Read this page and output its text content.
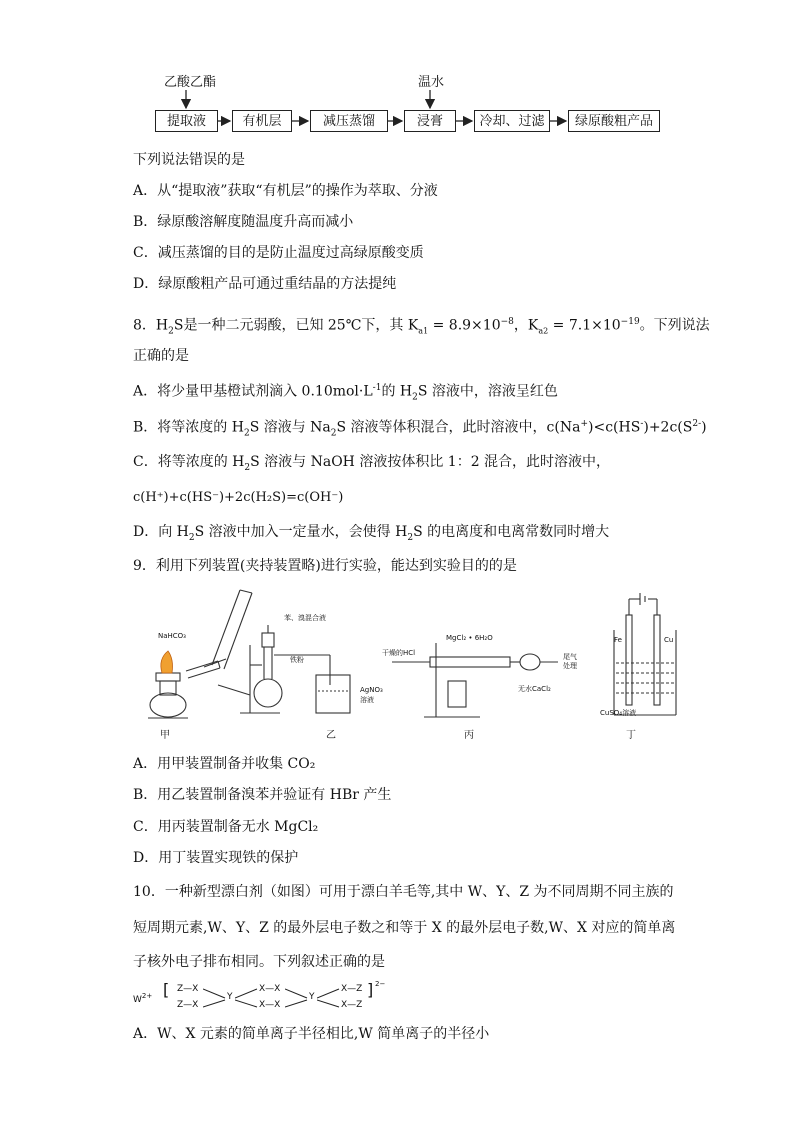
乙酸乙酯	温水
提取液	有机层	减压蒸馏	浸膏	冷却、过滤	绿原酸粗产品
下列说法错误的是
A．从“提取液”获取“有机层”的操作为萃取、分液
B．绿原酸溶解度随温度升高而减小
C．减压蒸馏的目的是防止温度过高绿原酸变质
D．绿原酸粗产品可通过重结晶的方法提纯
8．$H_2S$是一种二元弱酸，已知 25℃下，其 $K_{a1} = 8.9\times 10^{-8}$，$K_{a2} = 7.1\times 10^{-19}$。下列说法
正确的是
A．将少量甲基橙试剂滴入 $0.10mol\cdot L^{-1}$的 $H_2S$ 溶液中，溶液呈红色
B．将等浓度的 $H_2S$ 溶液与 $Na_2S$ 溶液等体积混合，此时溶液中，$c(Na^+)<c(HS^-)+2c(S^{2-})$
C．将等浓度的 $H_2S$ 溶液与 NaOH 溶液按体积比 1：2 混合，此时溶液中，
c(H⁺)+c(HS⁻)+2c(H₂S)=c(OH⁻)
D．向 $H_2S$ 溶液中加入一定量水，会使得 $H_2S$ 的电离度和电离常数同时增大
9．利用下列装置(夹持装置略)进行实验，能达到实验目的的是
NaHCO₃
苯、溴混合液
铁粉
AgNO₃
溶液
干燥的HCl
MgCl₂ • 6H₂O
尾气
处理
无水CaCl₂
Fe	Cu
CuSO₄溶液
甲	乙	丙	丁
A．用甲装置制备并收集 CO₂
B．用乙装置制备溴苯并验证有 HBr 产生
C．用丙装置制备无水 MgCl₂
D．用丁装置实现铁的保护
10．一种新型漂白剂（如图）可用于漂白羊毛等,其中 W、Y、Z 为不同周期不同主族的
短周期元素,W、Y、Z 的最外层电子数之和等于 X 的最外层电子数,W、X 对应的简单离
子核外电子排布相同。下列叙述正确的是
$W^{2+}$ [ Z—X
Z—X
Y
X—X
X—X
Y
X—Z
X—Z
] 2−
A．W、X 元素的简单离子半径相比,W 简单离子的半径小
